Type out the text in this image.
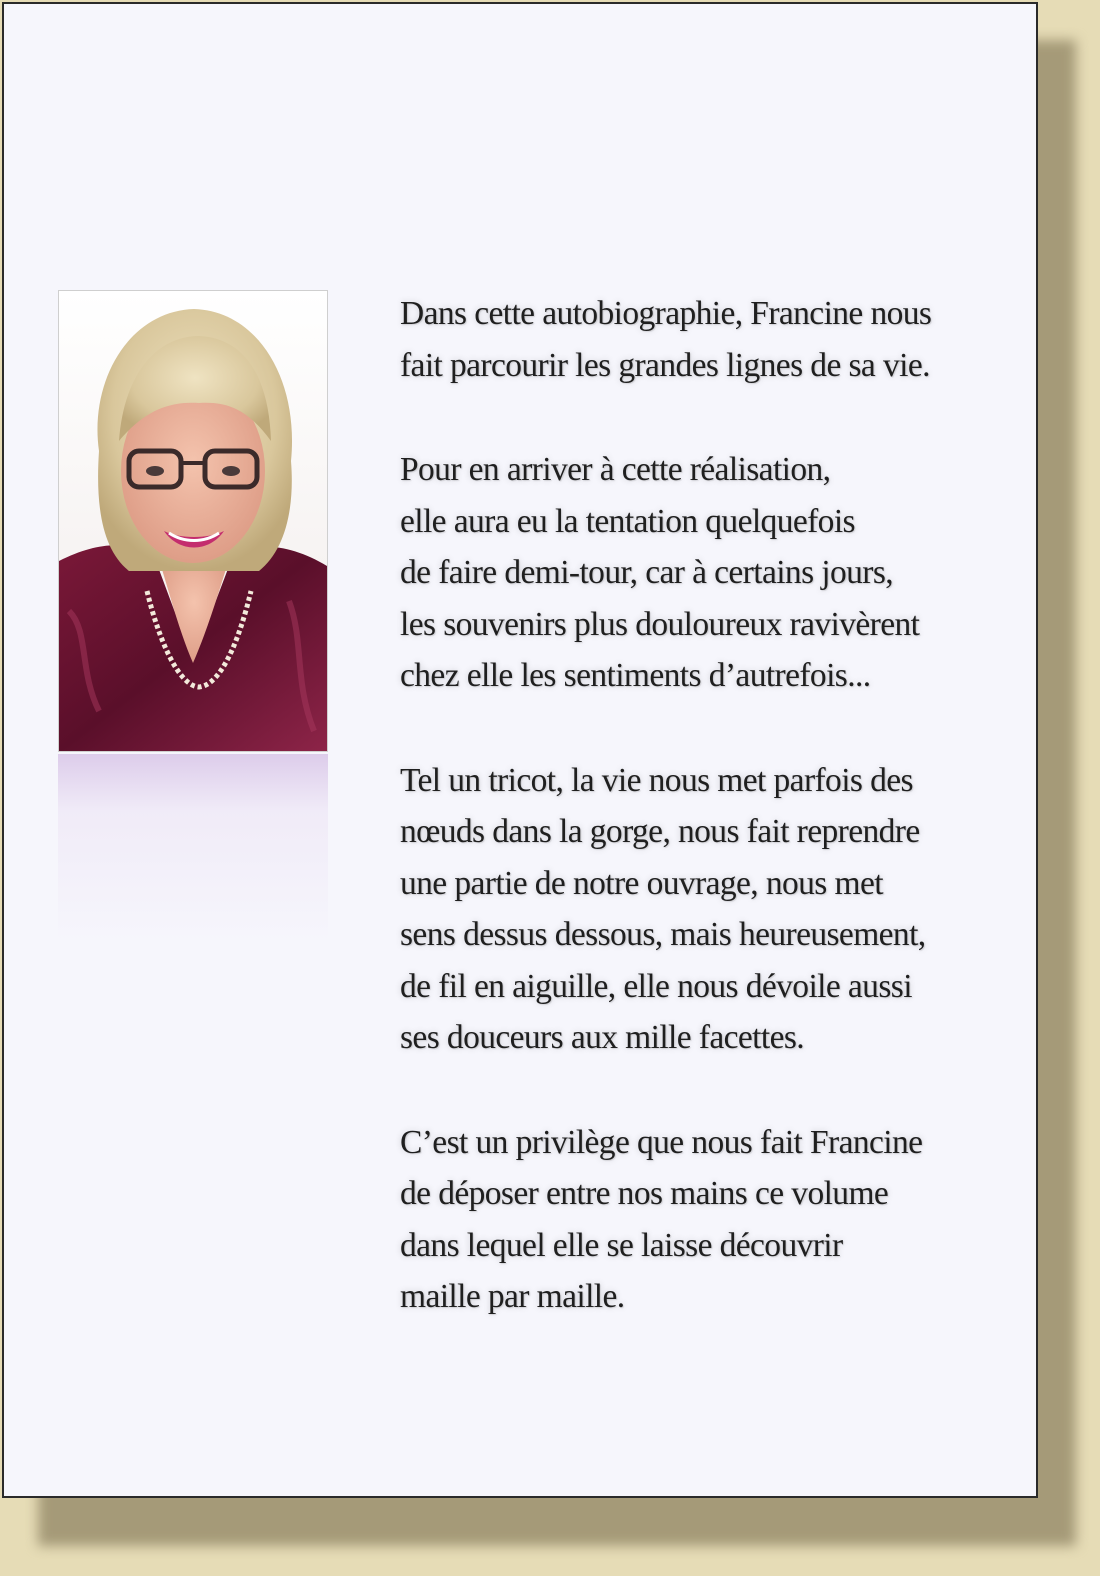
Dans cette autobiographie, Francine nous
fait parcourir les grandes lignes de sa vie.

Pour en arriver à cette réalisation,
elle aura eu la tentation quelquefois
de faire demi-tour, car à certains jours,
les souvenirs plus douloureux ravivèrent
chez elle les sentiments d’autrefois...

Tel un tricot, la vie nous met parfois des
nœuds dans la gorge, nous fait reprendre
une partie de notre ouvrage, nous met
sens dessus dessous, mais heureusement,
de fil en aiguille, elle nous dévoile aussi
ses douceurs aux mille facettes.

C’est un privilège que nous fait Francine
de déposer entre nos mains ce volume
dans lequel elle se laisse découvrir
maille par maille.
